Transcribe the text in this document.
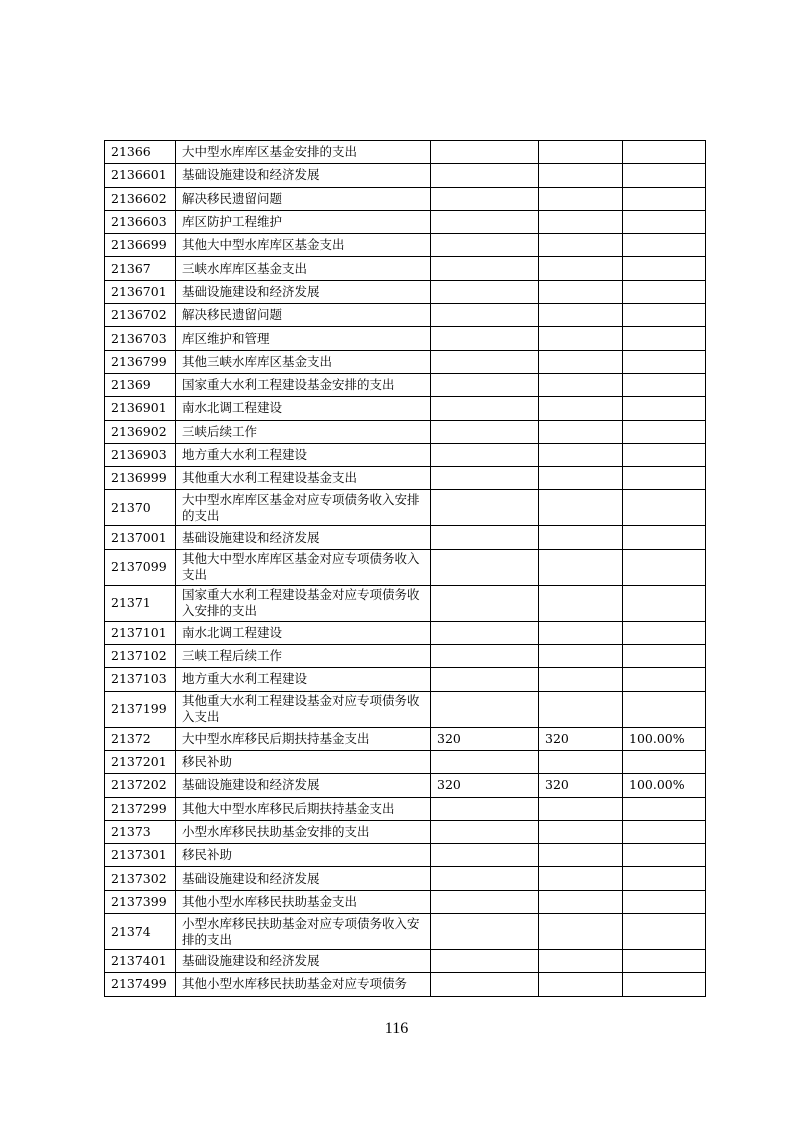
21366	大中型水库库区基金安排的支出			
2136601	基础设施建设和经济发展			
2136602	解决移民遗留问题			
2136603	库区防护工程维护			
2136699	其他大中型水库库区基金支出			
21367	三峡水库库区基金支出			
2136701	基础设施建设和经济发展			
2136702	解决移民遗留问题			
2136703	库区维护和管理			
2136799	其他三峡水库库区基金支出			
21369	国家重大水利工程建设基金安排的支出			
2136901	南水北调工程建设			
2136902	三峡后续工作			
2136903	地方重大水利工程建设			
2136999	其他重大水利工程建设基金支出			
21370	大中型水库库区基金对应专项债务收入安排的支出			
2137001	基础设施建设和经济发展			
2137099	其他大中型水库库区基金对应专项债务收入支出			
21371	国家重大水利工程建设基金对应专项债务收入安排的支出			
2137101	南水北调工程建设			
2137102	三峡工程后续工作			
2137103	地方重大水利工程建设			
2137199	其他重大水利工程建设基金对应专项债务收入支出			
21372	大中型水库移民后期扶持基金支出	320	320	100.00%
2137201	移民补助			
2137202	基础设施建设和经济发展	320	320	100.00%
2137299	其他大中型水库移民后期扶持基金支出			
21373	小型水库移民扶助基金安排的支出			
2137301	移民补助			
2137302	基础设施建设和经济发展			
2137399	其他小型水库移民扶助基金支出			
21374	小型水库移民扶助基金对应专项债务收入安排的支出			
2137401	基础设施建设和经济发展			
2137499	其他小型水库移民扶助基金对应专项债务			
116
